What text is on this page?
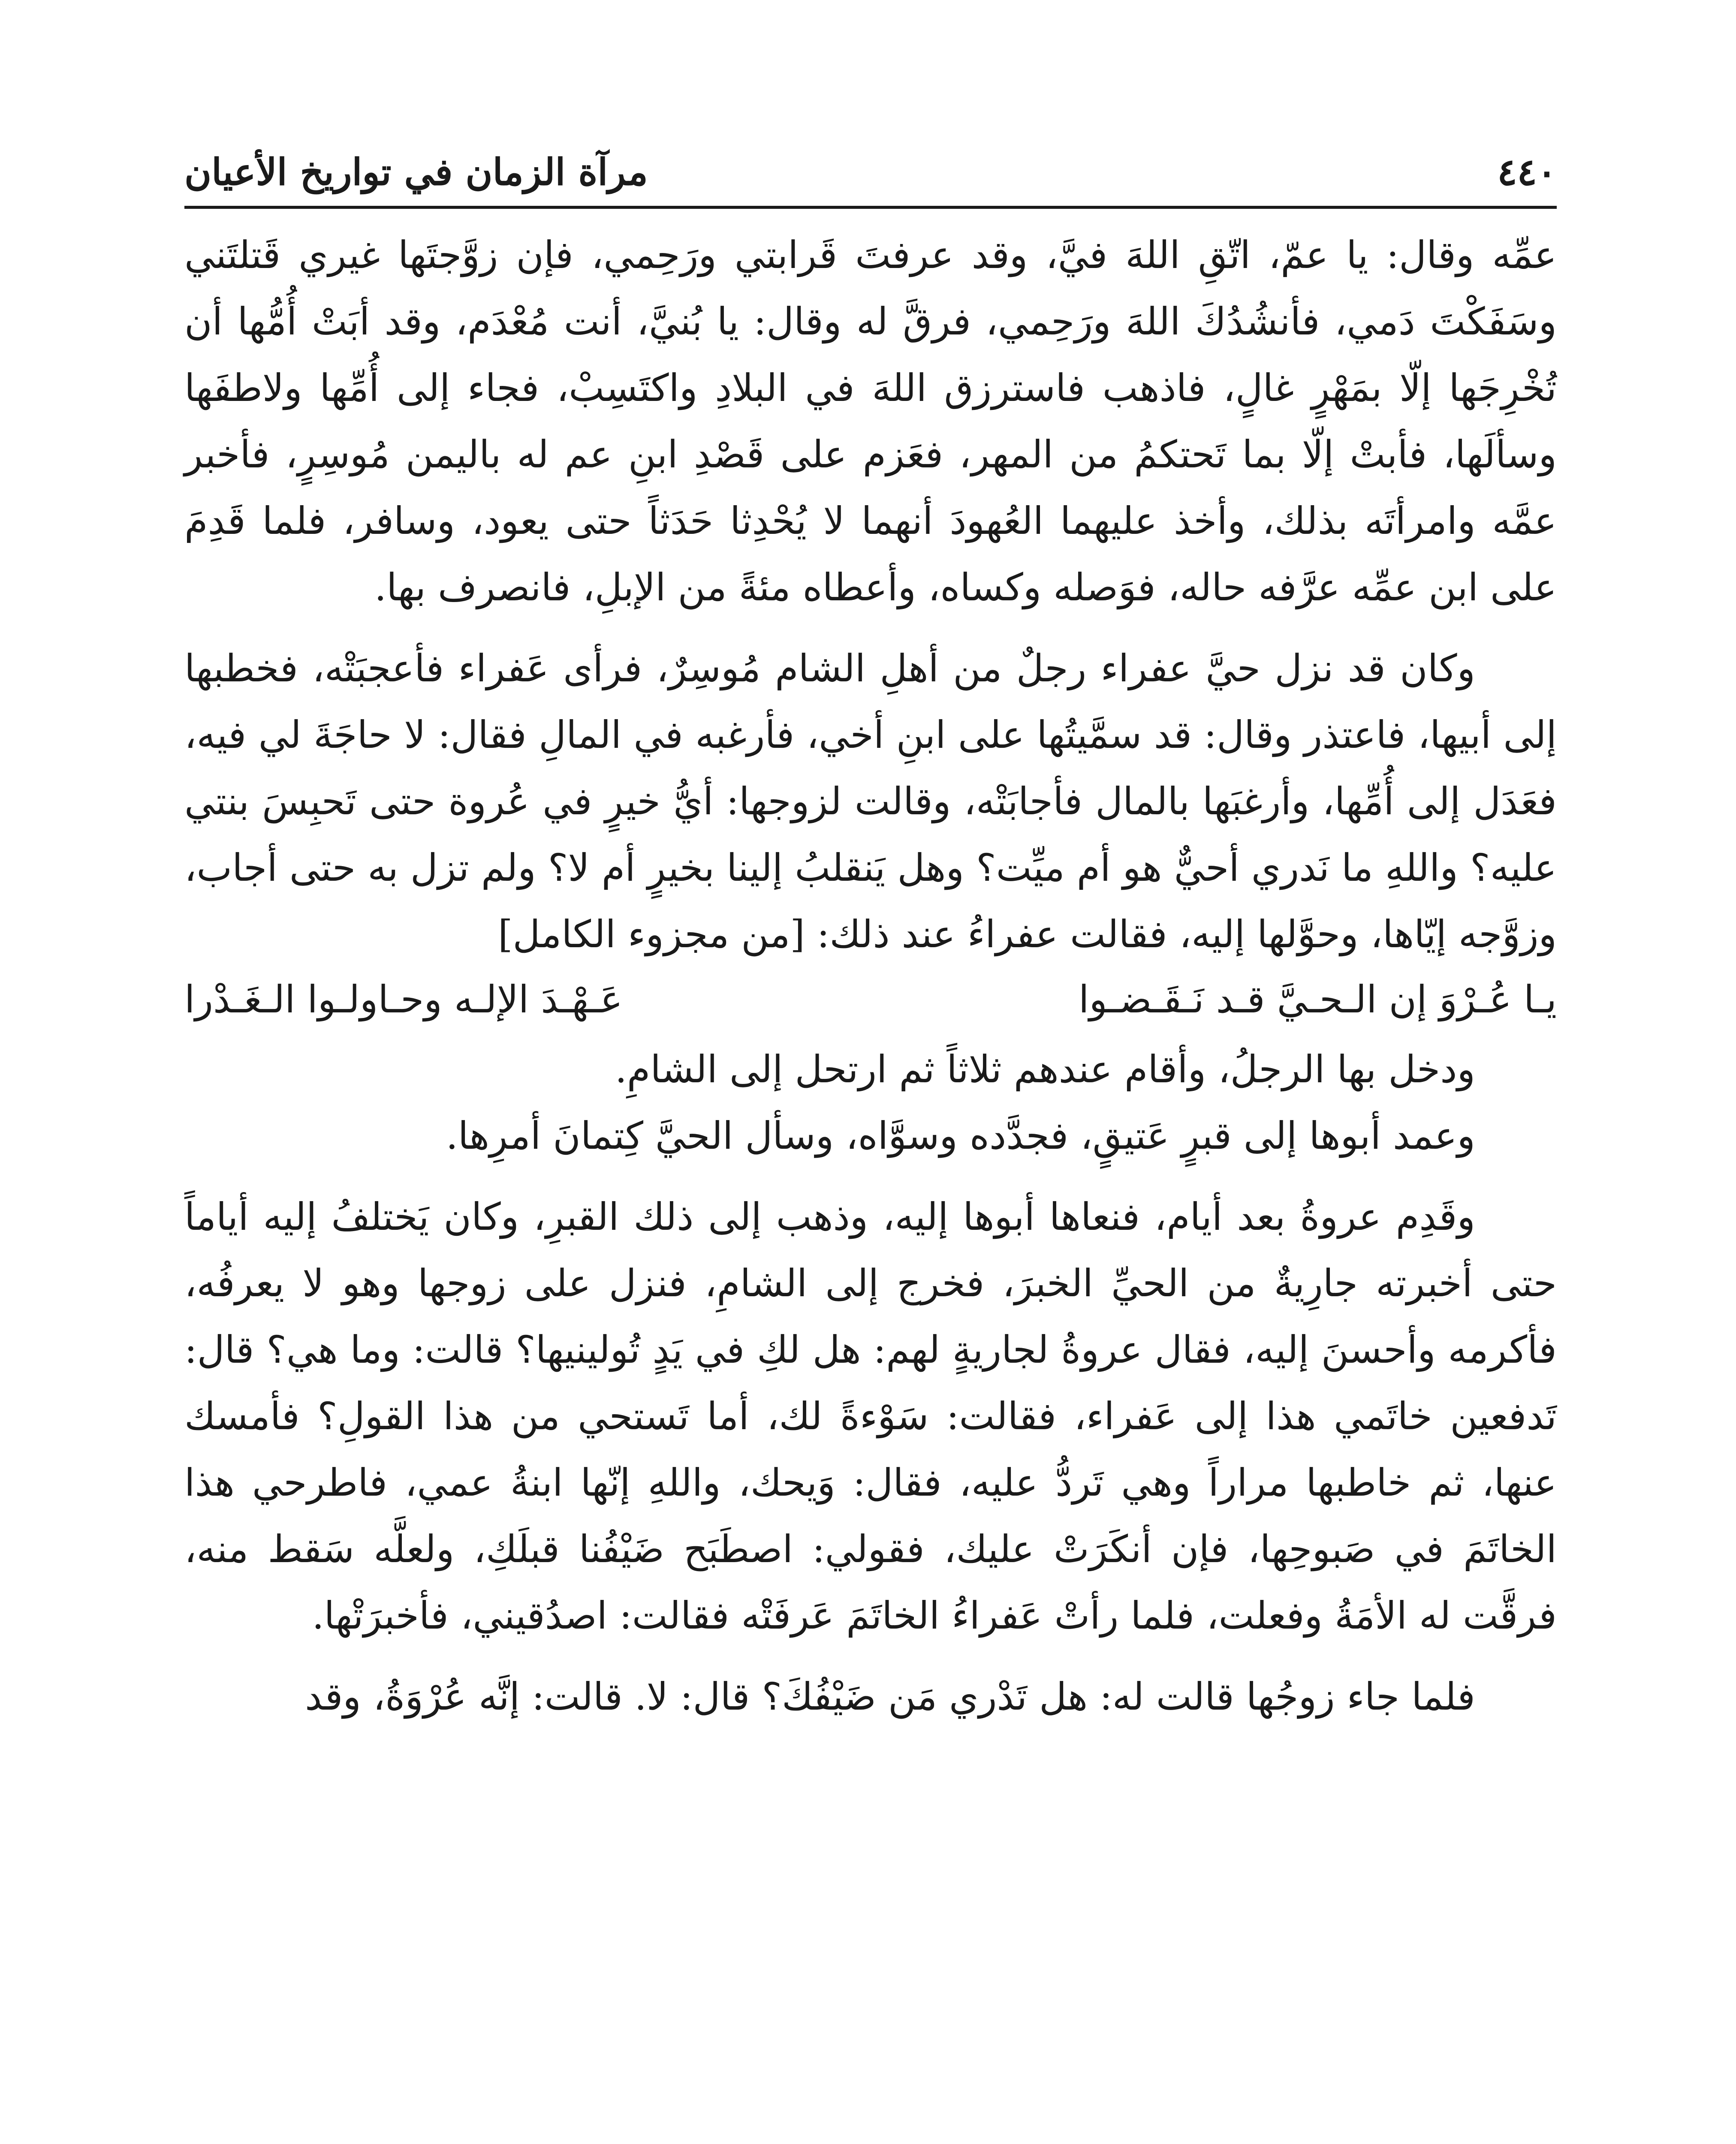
٤٤٠
مرآة الزمان في تواريخ الأعيان

عمِّه وقال: يا عمّ، اتّقِ اللهَ فيَّ، وقد عرفتَ قَرابتي ورَحِمي، فإن زوَّجتَها غيري قَتلتَني وسَفَكْتَ دَمي، فأنشُدُكَ اللهَ ورَحِمي، فرقَّ له وقال: يا بُنيَّ، أنت مُعْدَم، وقد أبَتْ أُمُّها أن تُخْرِجَها إلّا بمَهْرٍ غالٍ، فاذهب فاسترزق اللهَ في البلادِ واكتَسِبْ، فجاء إلى أُمِّها ولاطفَها وسألَها، فأبتْ إلّا بما تَحتكمُ من المهر، فعَزم على قَصْدِ ابنِ عم له باليمن مُوسِرٍ، فأخبر عمَّه وامرأتَه بذلك، وأخذ عليهما العُهودَ أنهما لا يُحْدِثا حَدَثاً حتى يعود، وسافر، فلما قَدِمَ على ابن عمِّه عرَّفه حاله، فوَصله وكساه، وأعطاه مئةً من الإبلِ، فانصرف بها.

وكان قد نزل حيَّ عفراء رجلٌ من أهلِ الشام مُوسِرٌ، فرأى عَفراء فأعجبَتْه، فخطبها إلى أبيها، فاعتذر وقال: قد سمَّيتُها على ابنِ أخي، فأرغبه في المالِ فقال: لا حاجَةَ لي فيه، فعَدَل إلى أُمِّها، وأرغبَها بالمال فأجابَتْه، وقالت لزوجها: أيُّ خيرٍ في عُروة حتى تَحبِسَ بنتي عليه؟ واللهِ ما نَدري أحيٌّ هو أم ميِّت؟ وهل يَنقلبُ إلينا بخيرٍ أم لا؟ ولم تزل به حتى أجاب، وزوَّجه إيّاها، وحوَّلها إليه، فقالت عفراءُ عند ذلك: [من مجزوء الكامل]

يـا عُـرْوَ إن الـحـيَّ قـد نَـقَـضـوا
عَـهْـدَ الإلـه وحـاولـوا الـغَـدْرا

ودخل بها الرجلُ، وأقام عندهم ثلاثاً ثم ارتحل إلى الشامِ.

وعمد أبوها إلى قبرٍ عَتيقٍ، فجدَّده وسوَّاه، وسأل الحيَّ كِتمانَ أمرِها.

وقَدِم عروةُ بعد أيام، فنعاها أبوها إليه، وذهب إلى ذلك القبرِ، وكان يَختلفُ إليه أياماً حتى أخبرته جارِيةٌ من الحيِّ الخبرَ، فخرج إلى الشامِ، فنزل على زوجها وهو لا يعرفُه، فأكرمه وأحسنَ إليه، فقال عروةُ لجاريةٍ لهم: هل لكِ في يَدٍ تُولينيها؟ قالت: وما هي؟ قال: تَدفعين خاتَمي هذا إلى عَفراء، فقالت: سَوْءةً لك، أما تَستحي من هذا القولِ؟ فأمسك عنها، ثم خاطبها مراراً وهي تَردُّ عليه، فقال: وَيحك، واللهِ إنّها ابنةُ عمي، فاطرحي هذا الخاتَمَ في صَبوحِها، فإن أنكَرَتْ عليك، فقولي: اصطَبَح ضَيْفُنا قبلَكِ، ولعلَّه سَقط منه، فرقَّت له الأمَةُ وفعلت، فلما رأتْ عَفراءُ الخاتَمَ عَرفَتْه فقالت: اصدُقيني، فأخبرَتْها.

فلما جاء زوجُها قالت له: هل تَدْري مَن ضَيْفُكَ؟ قال: لا. قالت: إنَّه عُرْوَةُ، وقد
